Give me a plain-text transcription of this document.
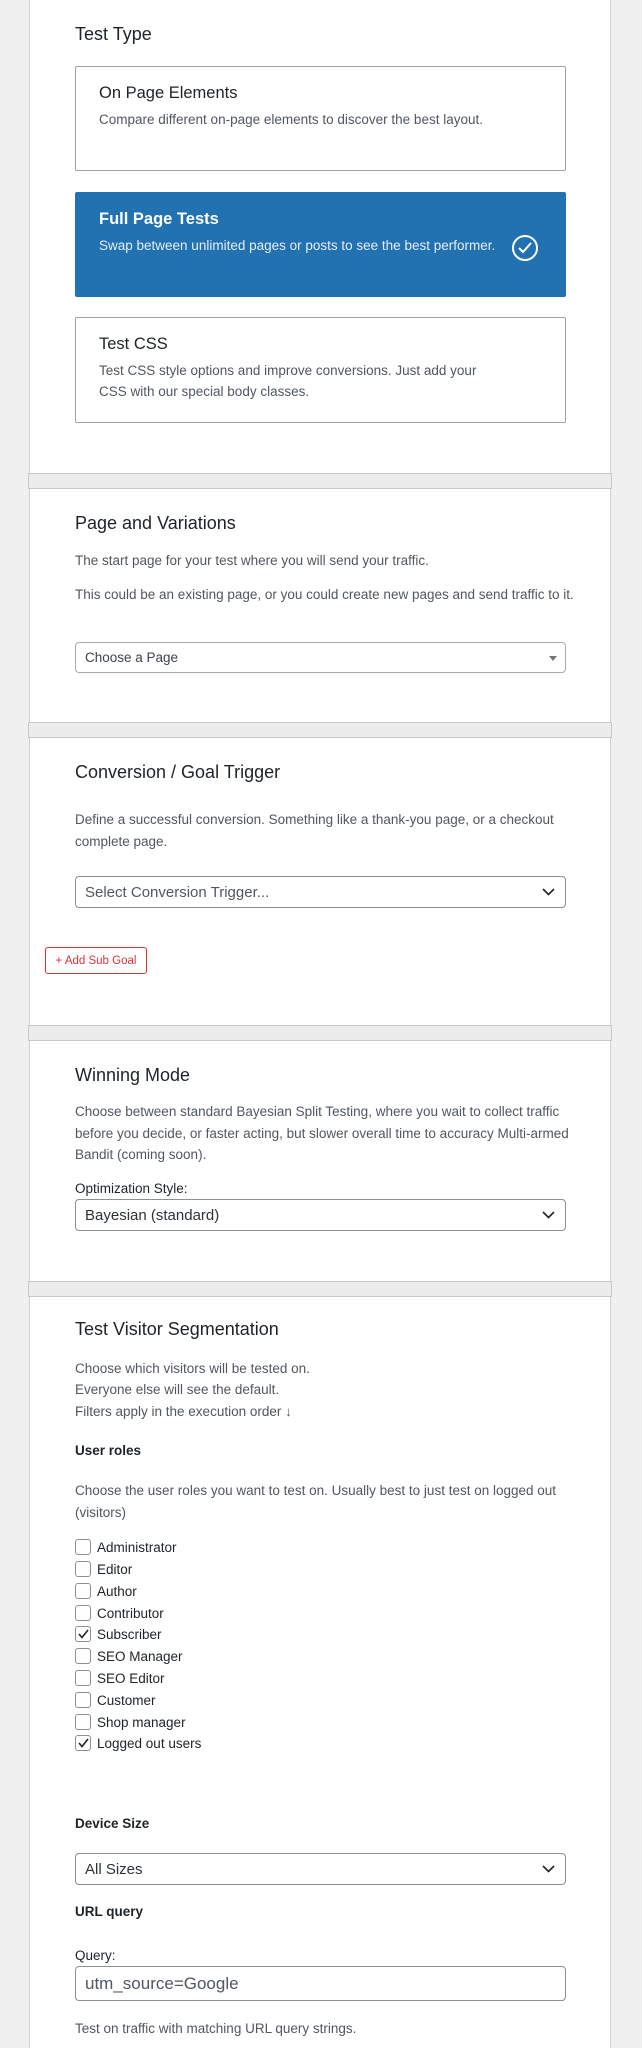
Test Type
On Page Elements
Compare different on-page elements to discover the best layout.
Full Page Tests
Swap between unlimited pages or posts to see the best performer.
Test CSS
Test CSS style options and improve conversions. Just add your CSS with our special body classes.
Page and Variations

The start page for your test where you will send your traffic.

This could be an existing page, or you could create new pages and send traffic to it.

Choose a Page
Conversion / Goal Trigger

Define a successful conversion. Something like a thank-you page, or a checkout complete page.

Select Conversion Trigger...
+ Add Sub Goal
Winning Mode

Choose between standard Bayesian Split Testing, where you wait to collect traffic before you decide, or faster acting, but slower overall time to accuracy Multi-armed Bandit (coming soon).

Optimization Style:

Bayesian (standard)
Test Visitor Segmentation

Choose which visitors will be tested on.

Everyone else will see the default.

Filters apply in the execution order ↓

User roles

Choose the user roles you want to test on. Usually best to just test on logged out (visitors)

Administrator
Editor
Author
Contributor
Subscriber
SEO Manager
SEO Editor
Customer
Shop manager
Logged out users

Device Size

All Sizes

URL query

Query:

utm_source=Google

Test on traffic with matching URL query strings.
